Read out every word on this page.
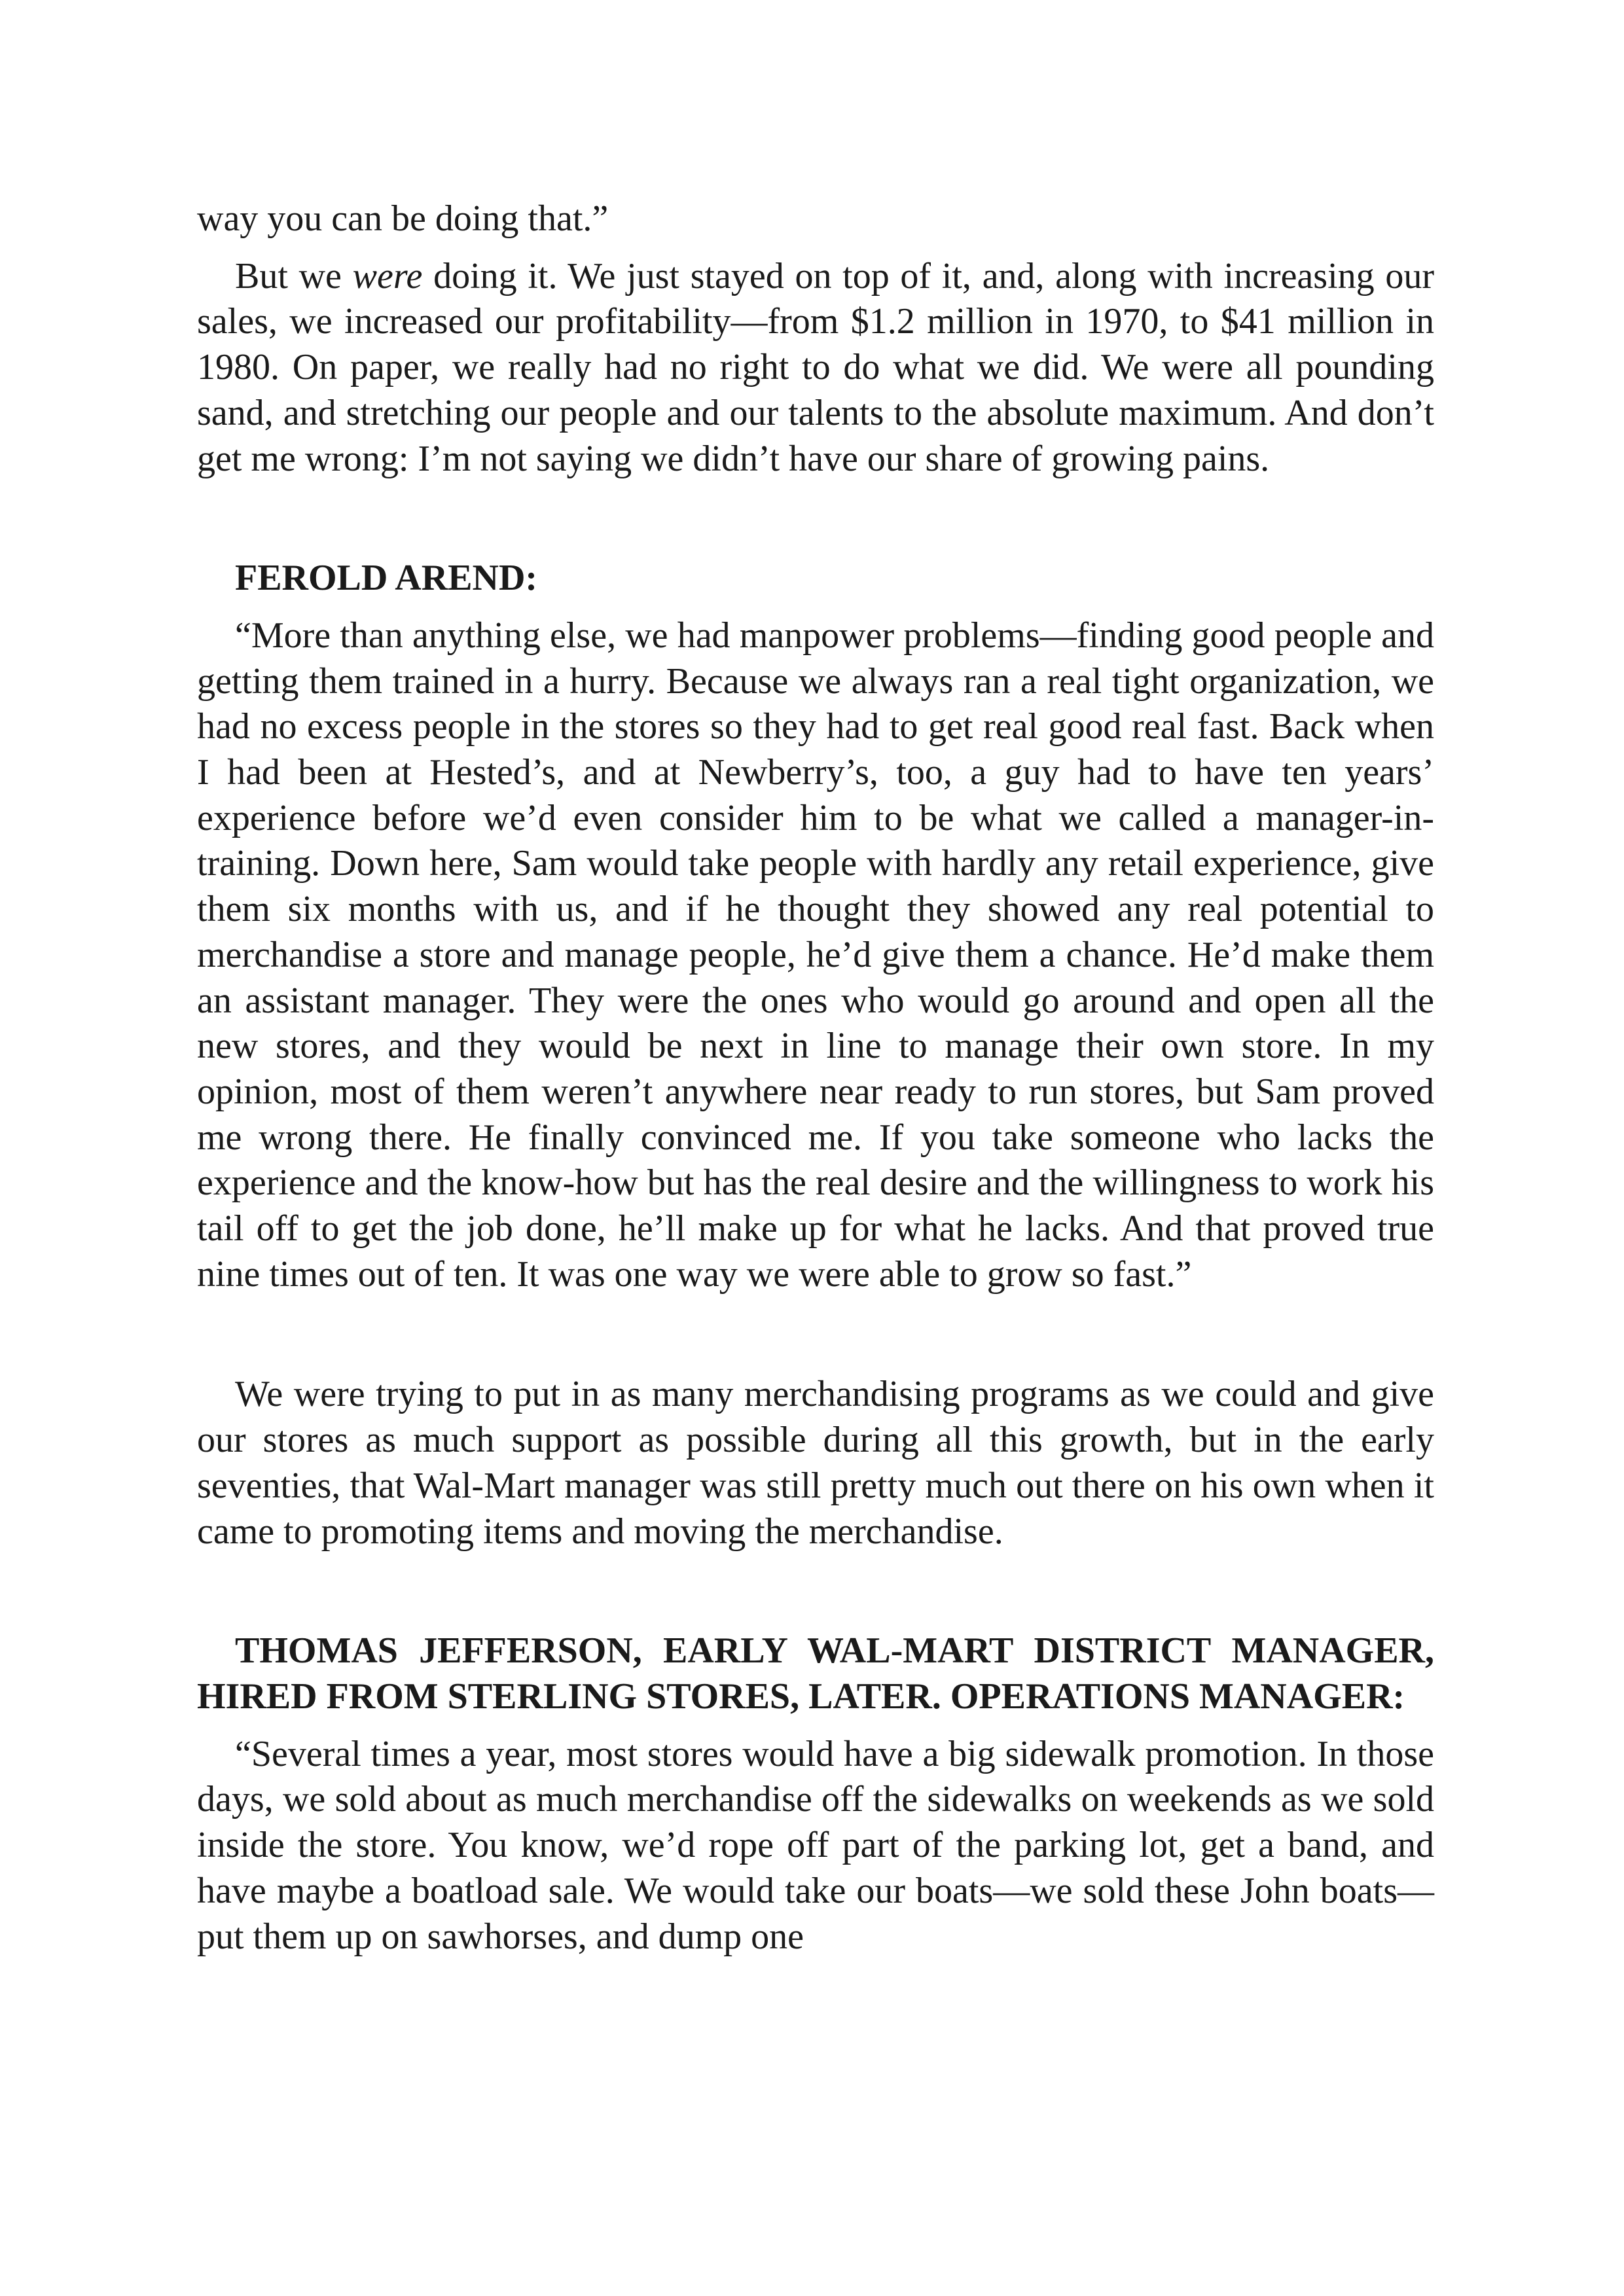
way you can be doing that.”

But we were doing it. We just stayed on top of it, and, along with increasing our sales, we increased our profitability—from $1.2 million in 1970, to $41 million in 1980. On paper, we really had no right to do what we did. We were all pounding sand, and stretching our people and our talents to the absolute maximum. And don’t get me wrong: I’m not saying we didn’t have our share of growing pains.

FEROLD AREND:

“More than anything else, we had manpower problems—finding good people and getting them trained in a hurry. Because we always ran a real tight organization, we had no excess people in the stores so they had to get real good real fast. Back when I had been at Hested’s, and at Newberry’s, too, a guy had to have ten years’ experience before we’d even consider him to be what we called a manager-in-training. Down here, Sam would take people with hardly any retail experience, give them six months with us, and if he thought they showed any real potential to merchandise a store and manage people, he’d give them a chance. He’d make them an assistant manager. They were the ones who would go around and open all the new stores, and they would be next in line to manage their own store. In my opinion, most of them weren’t anywhere near ready to run stores, but Sam proved me wrong there. He finally convinced me. If you take someone who lacks the experience and the know-how but has the real desire and the willingness to work his tail off to get the job done, he’ll make up for what he lacks. And that proved true nine times out of ten. It was one way we were able to grow so fast.”

We were trying to put in as many merchandising programs as we could and give our stores as much support as possible during all this growth, but in the early seventies, that Wal-Mart manager was still pretty much out there on his own when it came to promoting items and moving the merchandise.

THOMAS JEFFERSON, EARLY WAL-MART DISTRICT MANAGER, HIRED FROM STERLING STORES, LATER. OPERATIONS MANAGER:

“Several times a year, most stores would have a big sidewalk promotion. In those days, we sold about as much merchandise off the sidewalks on weekends as we sold inside the store. You know, we’d rope off part of the parking lot, get a band, and have maybe a boatload sale. We would take our boats—we sold these John boats—put them up on sawhorses, and dump one
